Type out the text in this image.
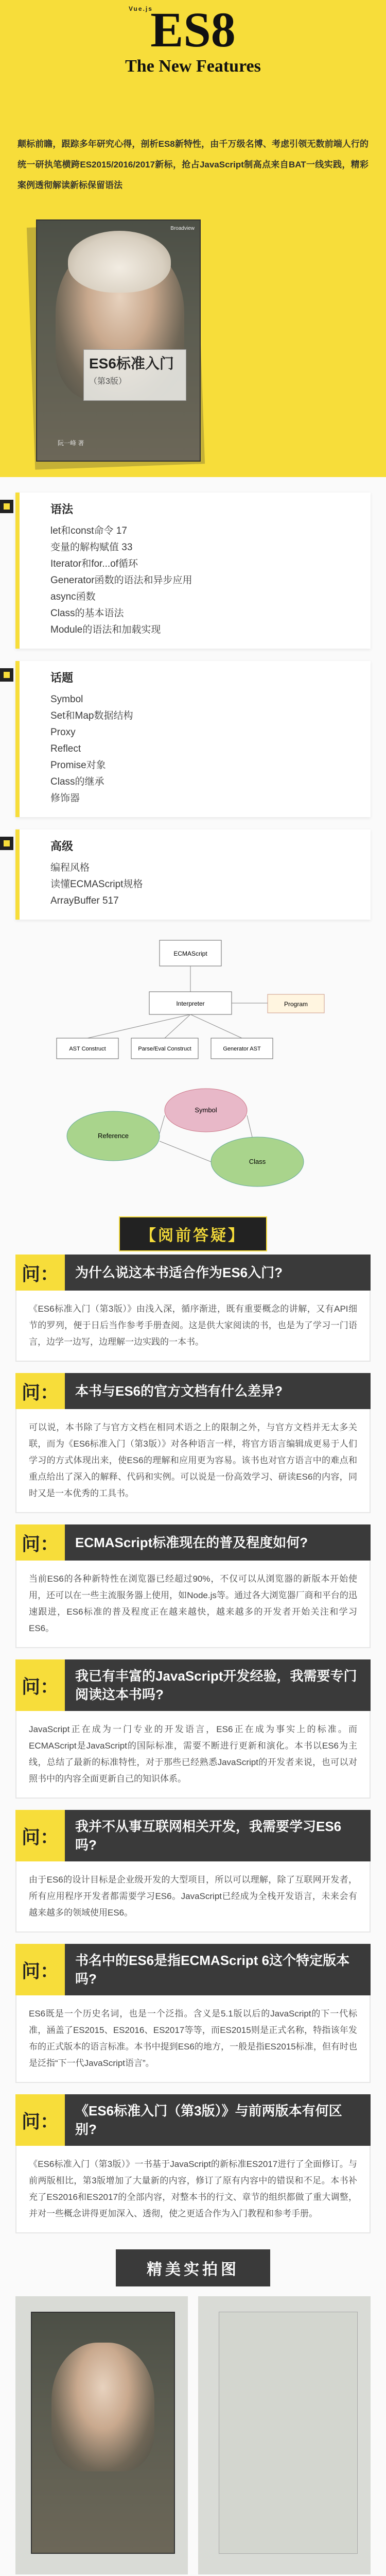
Vue.js
ES8
The New Features

颠标前瞻，跟踪多年研究心得，剖析ES8新特性，由千万级名博、考虑引领无数前端人行的统一研执笔横跨ES2015/2016/2017新标，抢占JavaScript制高点来自BAT一线实践，精彩案例透彻解读新标保留语法

Broadview
ES6标准入门
（第3版）
阮一峰 著
语法
let和const命令 17
变量的解构赋值 33
Iterator和for...of循环
Generator函数的语法和异步应用
async函数
Class的基本语法
Module的语法和加载实现
话题
Symbol
Set和Map数据结构
Proxy
Reflect
Promise对象
Class的继承
修饰器
高级
编程风格
读懂ECMAScript规格
ArrayBuffer 517
ECMAScript
Interpreter	Program
AST Construct	Parse/Eval Construct	Generator AST
Reference
Symbol
Class
【阅前答疑】
问：	为什么说这本书适合作为ES6入门?

《ES6标准入门（第3版）》由浅入深，循序渐进，既有重要概念的讲解，又有API细节的罗列，便于日后当作参考手册查阅。这是供大家阅读的书，也是为了学习一门语言，边学一边写，边理解一边实践的一本书。

问：	本书与ES6的官方文档有什么差异?

可以说，本书除了与官方文档在相同术语之上的限制之外，与官方文档并无太多关联，而为《ES6标准入门（第3版）》对各种语言一样，将官方语言编辑成更易于人们学习的方式体现出来，使ES6的理解和应用更为容易。该书也对官方语言中的难点和重点给出了深入的解释、代码和实例。可以说是一份高效学习、研读ES6的内容，同时又是一本优秀的工具书。

问：	ECMAScript标准现在的普及程度如何?

当前ES6的各种新特性在浏览器已经超过90%，不仅可以从浏览器的新版本开始使用，还可以在一些主流服务器上使用，如Node.js等。通过各大浏览器厂商和平台的迅速跟进，ES6标准的普及程度正在越来越快，越来越多的开发者开始关注和学习ES6。

问：	我已有丰富的JavaScript开发经验，我需要专门阅读这本书吗?

JavaScript正在成为一门专业的开发语言，ES6正在成为事实上的标准。而ECMAScript是JavaScript的国际标准，需要不断进行更新和演化。本书以ES6为主线，总结了最新的标准特性，对于那些已经熟悉JavaScript的开发者来说，也可以对照书中的内容全面更新自己的知识体系。

问：	我并不从事互联网相关开发，我需要学习ES6吗?

由于ES6的设计目标是企业级开发的大型项目，所以可以理解，除了互联网开发者，所有应用程序开发者都需要学习ES6。JavaScript已经成为全栈开发语言，未来会有越来越多的领域使用ES6。

问：	书名中的ES6是指ECMAScript 6这个特定版本吗?

ES6既是一个历史名词，也是一个泛指。含义是5.1版以后的JavaScript的下一代标准，涵盖了ES2015、ES2016、ES2017等等，而ES2015则是正式名称，特指该年发布的正式版本的语言标准。本书中提到ES6的地方，一般是指ES2015标准，但有时也是泛指“下一代JavaScript语言”。

问：	《ES6标准入门（第3版）》与前两版本有何区别?

《ES6标准入门（第3版）》一书基于JavaScript的新标准ES2017进行了全面修订。与前两版相比，第3版增加了大量新的内容，修订了原有内容中的错误和不足。本书补充了ES2016和ES2017的全部内容，对整本书的行文、章节的组织都做了重大调整，并对一些概念讲得更加深入、透彻，使之更适合作为入门教程和参考手册。

精美实拍图
